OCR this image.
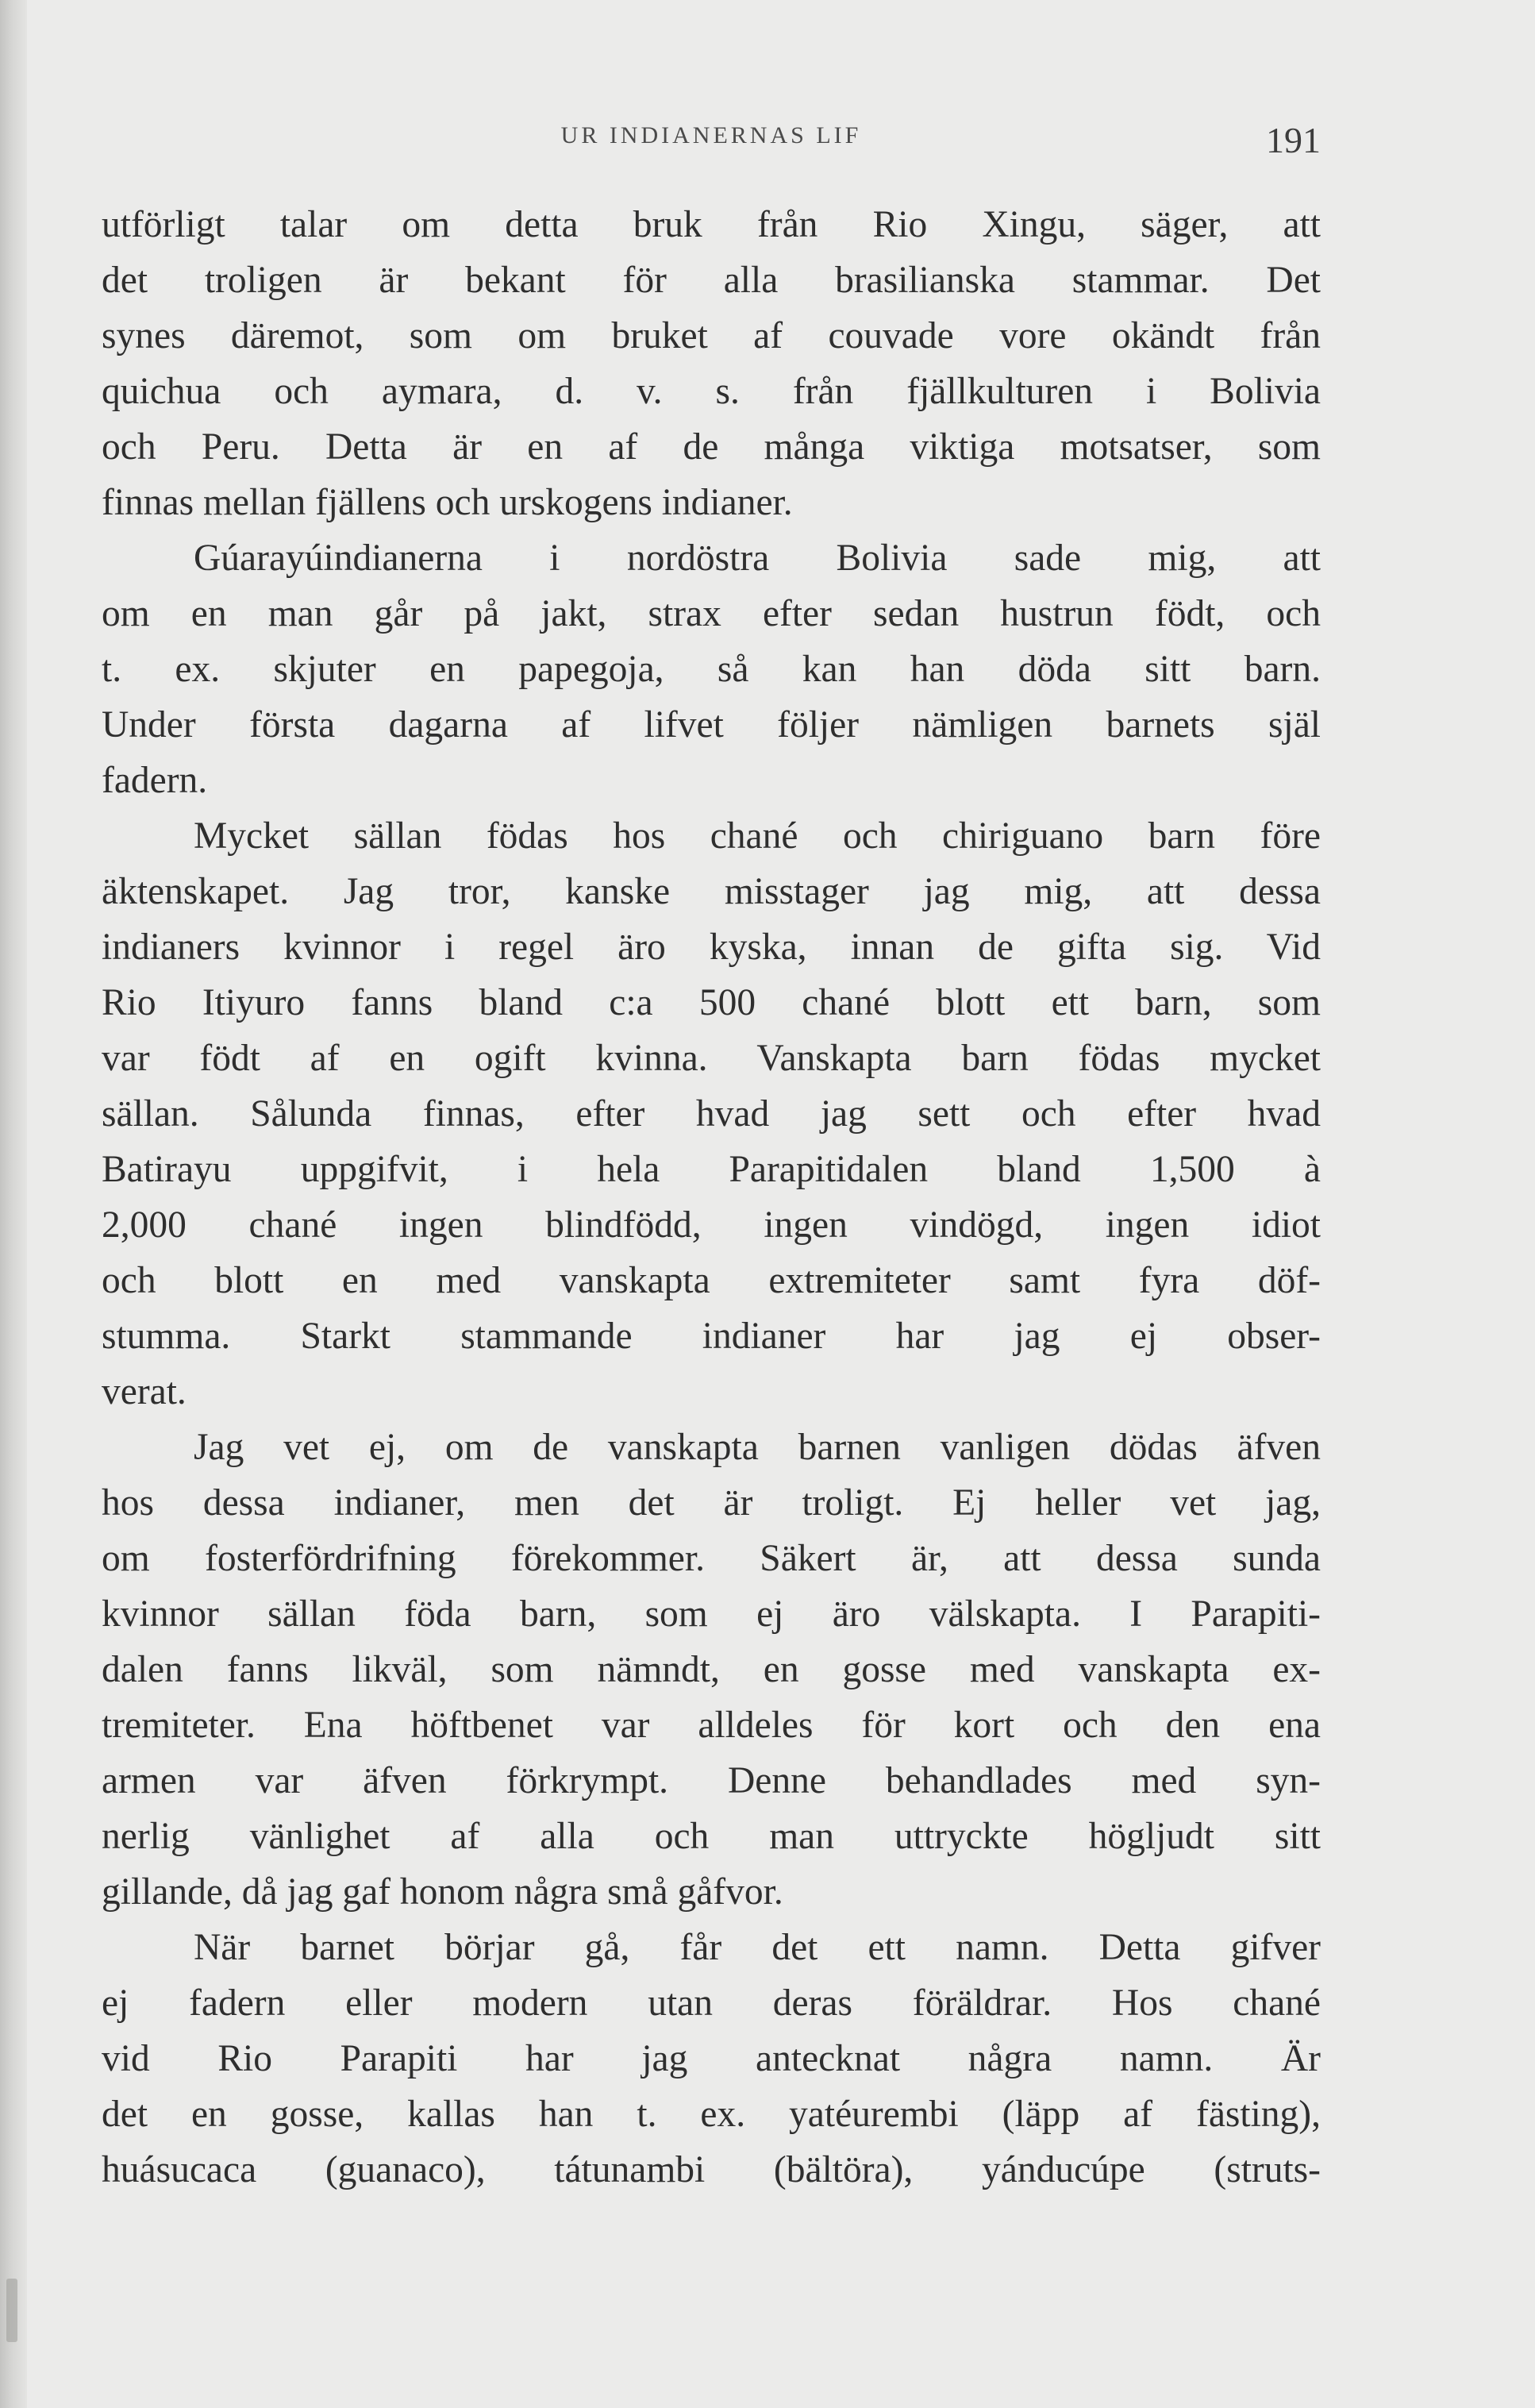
UR INDIANERNAS LIF	191
utförligt talar om detta bruk från Rio Xingu, säger, att
det troligen är bekant för alla brasilianska stammar. Det
synes däremot, som om bruket af couvade vore okändt från
quichua och aymara, d. v. s. från fjällkulturen i Bolivia
och Peru. Detta är en af de många viktiga motsatser, som
finnas mellan fjällens och urskogens indianer.
Gúarayúindianerna i nordöstra Bolivia sade mig, att
om en man går på jakt, strax efter sedan hustrun födt, och
t. ex. skjuter en papegoja, så kan han döda sitt barn.
Under första dagarna af lifvet följer nämligen barnets själ
fadern.
Mycket sällan födas hos chané och chiriguano barn före
äktenskapet. Jag tror, kanske misstager jag mig, att dessa
indianers kvinnor i regel äro kyska, innan de gifta sig. Vid
Rio Itiyuro fanns bland c:a 500 chané blott ett barn, som
var födt af en ogift kvinna. Vanskapta barn födas mycket
sällan. Sålunda finnas, efter hvad jag sett och efter hvad
Batirayu uppgifvit, i hela Parapitidalen bland 1,500 à
2,000 chané ingen blindfödd, ingen vindögd, ingen idiot
och blott en med vanskapta extremiteter samt fyra döf-
stumma. Starkt stammande indianer har jag ej obser-
verat.
Jag vet ej, om de vanskapta barnen vanligen dödas äfven
hos dessa indianer, men det är troligt. Ej heller vet jag,
om fosterfördrifning förekommer. Säkert är, att dessa sunda
kvinnor sällan föda barn, som ej äro välskapta. I Parapiti-
dalen fanns likväl, som nämndt, en gosse med vanskapta ex-
tremiteter. Ena höftbenet var alldeles för kort och den ena
armen var äfven förkrympt. Denne behandlades med syn-
nerlig vänlighet af alla och man uttryckte högljudt sitt
gillande, då jag gaf honom några små gåfvor.
När barnet börjar gå, får det ett namn. Detta gifver
ej fadern eller modern utan deras föräldrar. Hos chané
vid Rio Parapiti har jag antecknat några namn. Är
det en gosse, kallas han t. ex. yatéurembi (läpp af fästing),
huásucaca (guanaco), tátunambi (bältöra), yánducúpe (struts-
